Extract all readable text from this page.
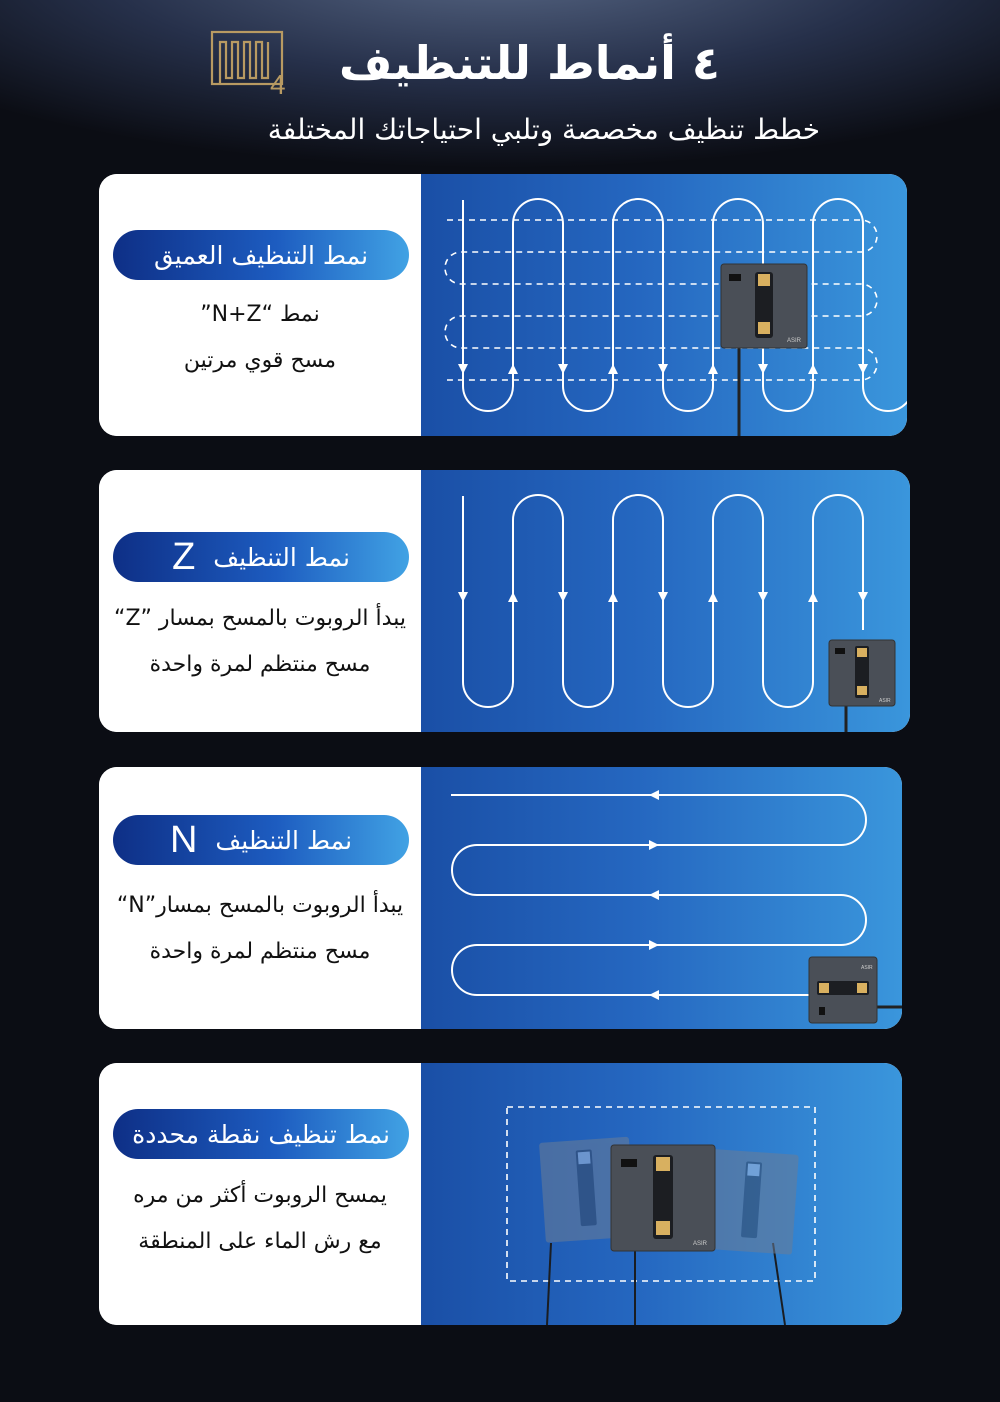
4	٤ أنماط للتنظيف
خطط تنظيف مخصصة وتلبي احتياجاتك المختلفة
نمط التنظيف العميق
نمط “N+Z”
مسح قوي مرتين
ASIR
نمط التنظيف
Z
يبدأ الروبوت بالمسح بمسار ”Z“
مسح منتظم لمرة واحدة
ASIR
نمط التنظيف
N
يبدأ الروبوت بالمسح بمسار”N“
مسح منتظم لمرة واحدة
ASIR
نمط تنظيف نقطة محددة
يمسح الروبوت أكثر من مره
مع رش الماء على المنطقة	ASIR
